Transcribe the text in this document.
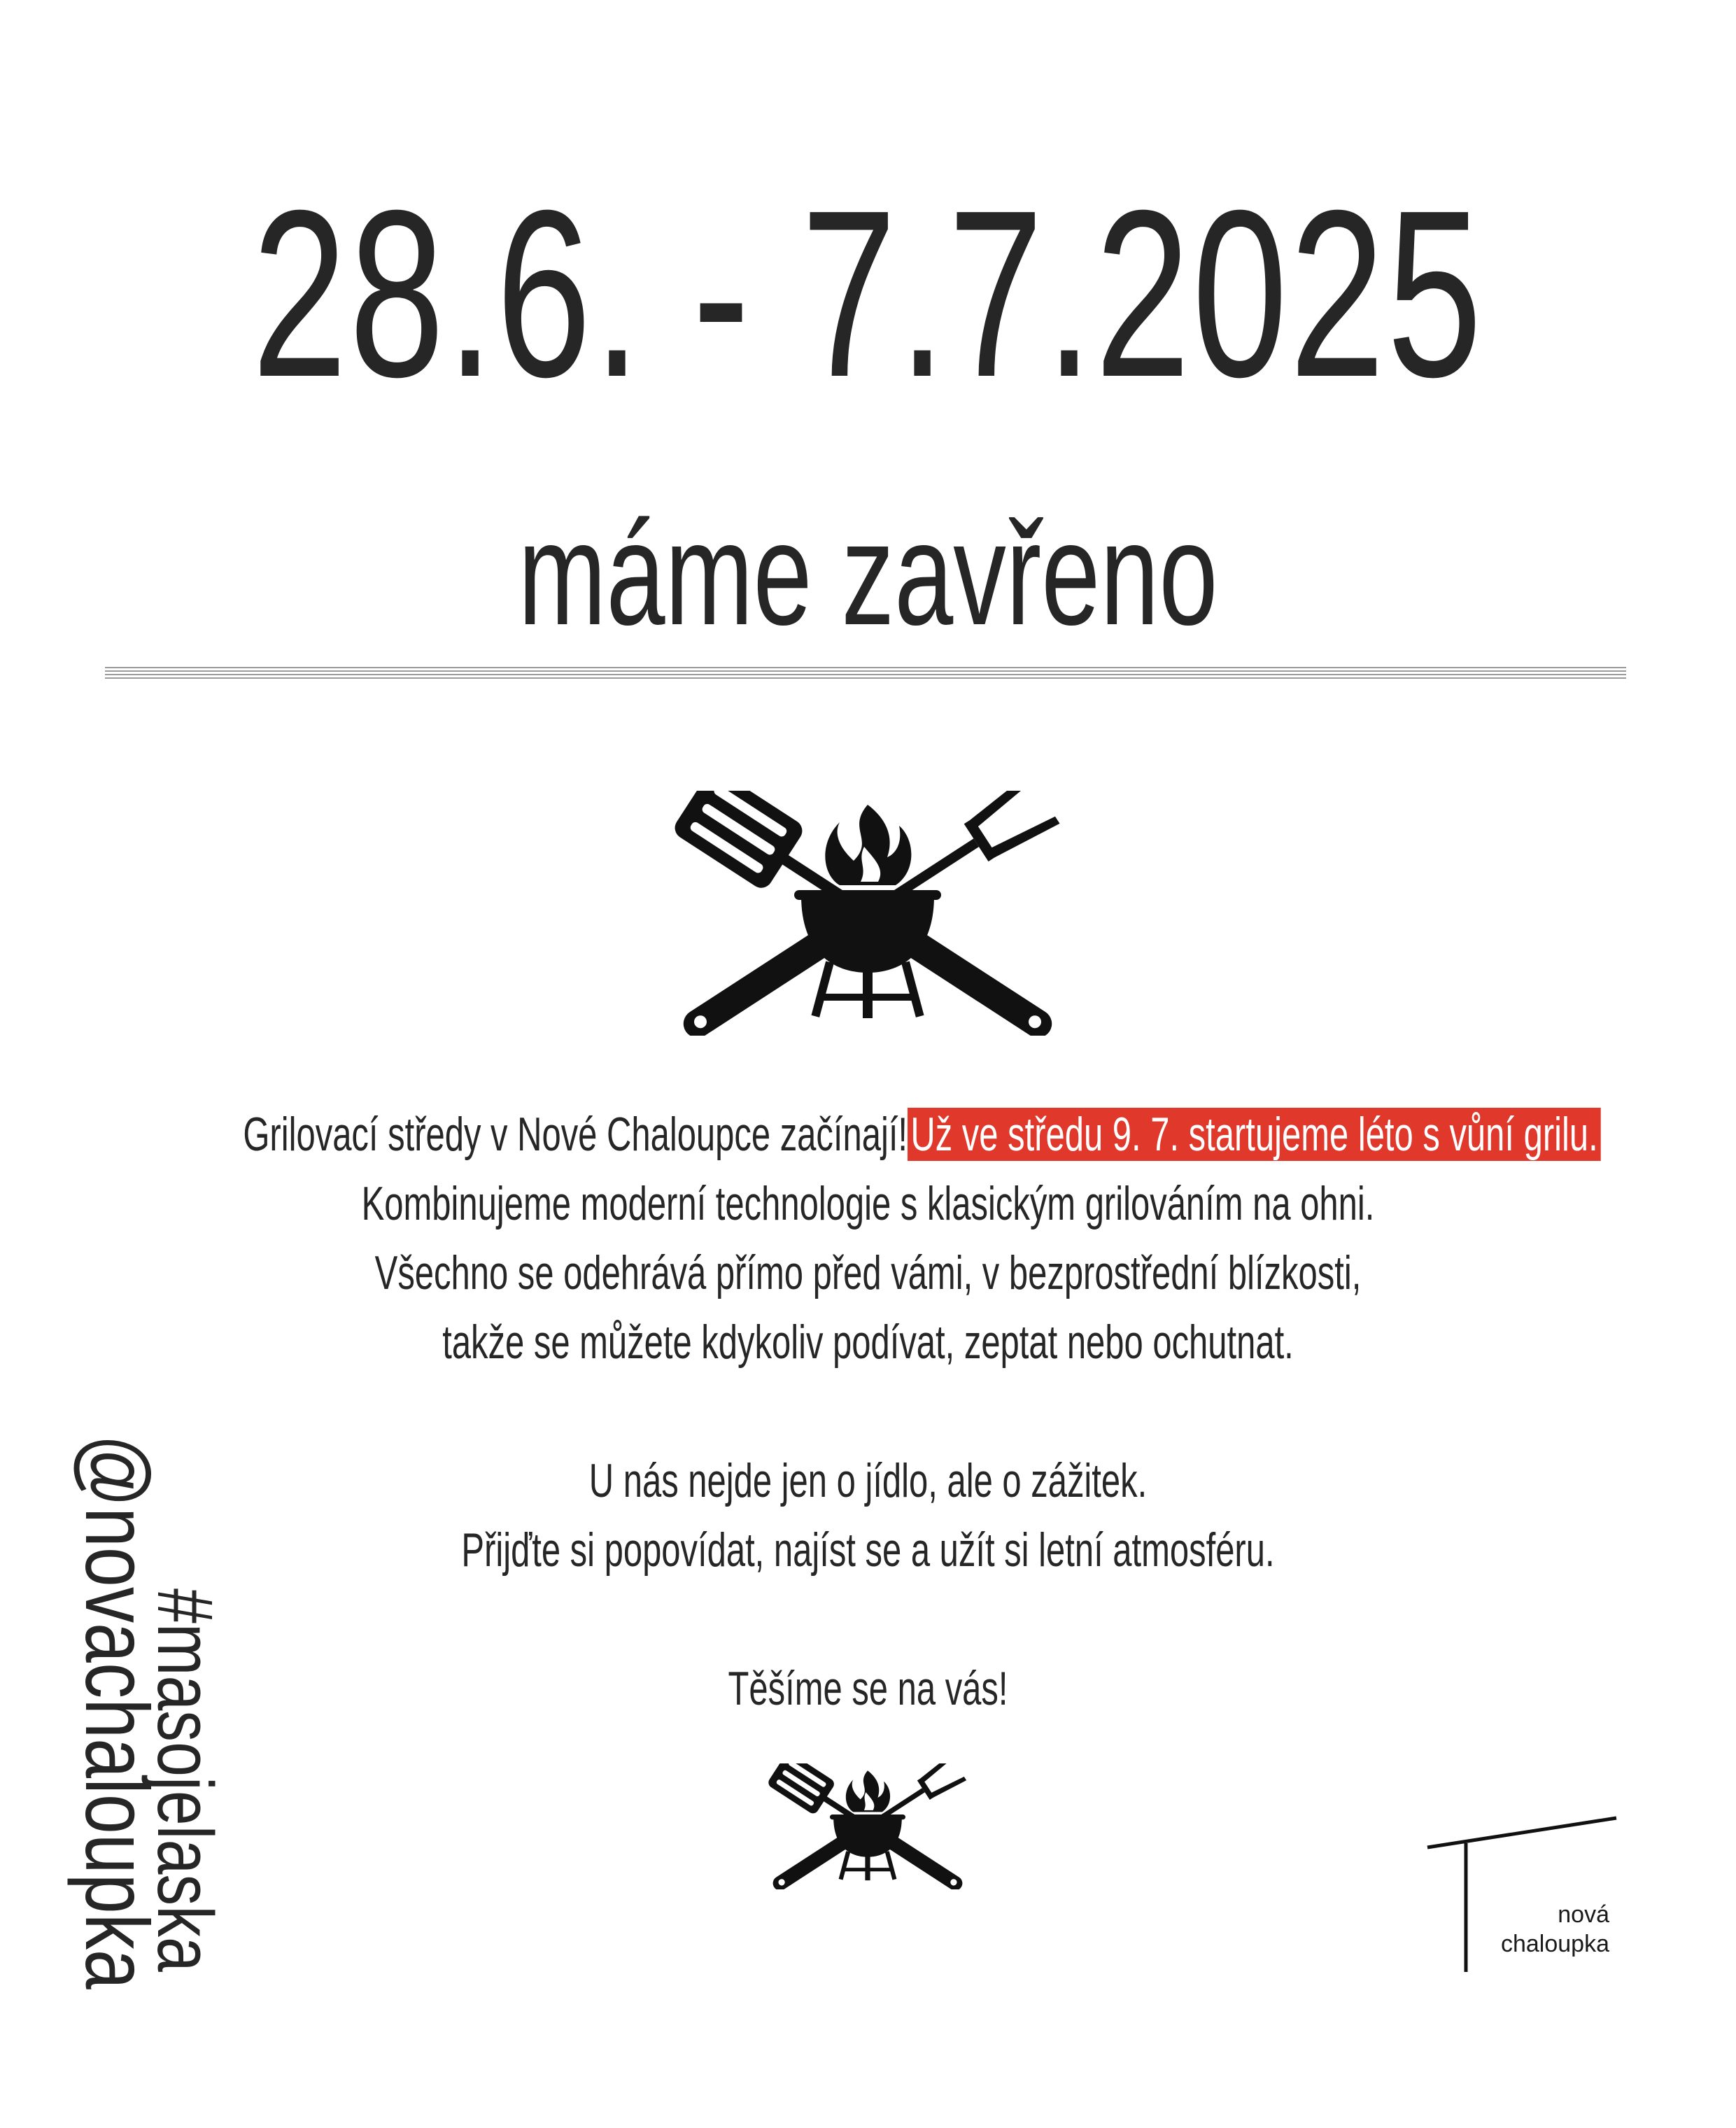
28.6. - 7.7.2025
máme zavřeno
Grilovací středy v Nové Chaloupce začínají!Už ve středu 9. 7. startujeme léto s vůní grilu.
Kombinujeme moderní technologie s klasickým grilováním na ohni.
Všechno se odehrává přímo před vámi, v bezprostřední blízkosti,
takže se můžete kdykoliv podívat, zeptat nebo ochutnat.
U nás nejde jen o jídlo, ale o zážitek.
Přijďte si popovídat, najíst se a užít si letní atmosféru.
Těšíme se na vás!
@novachaloupka
#masojelaska	nová
chaloupka
